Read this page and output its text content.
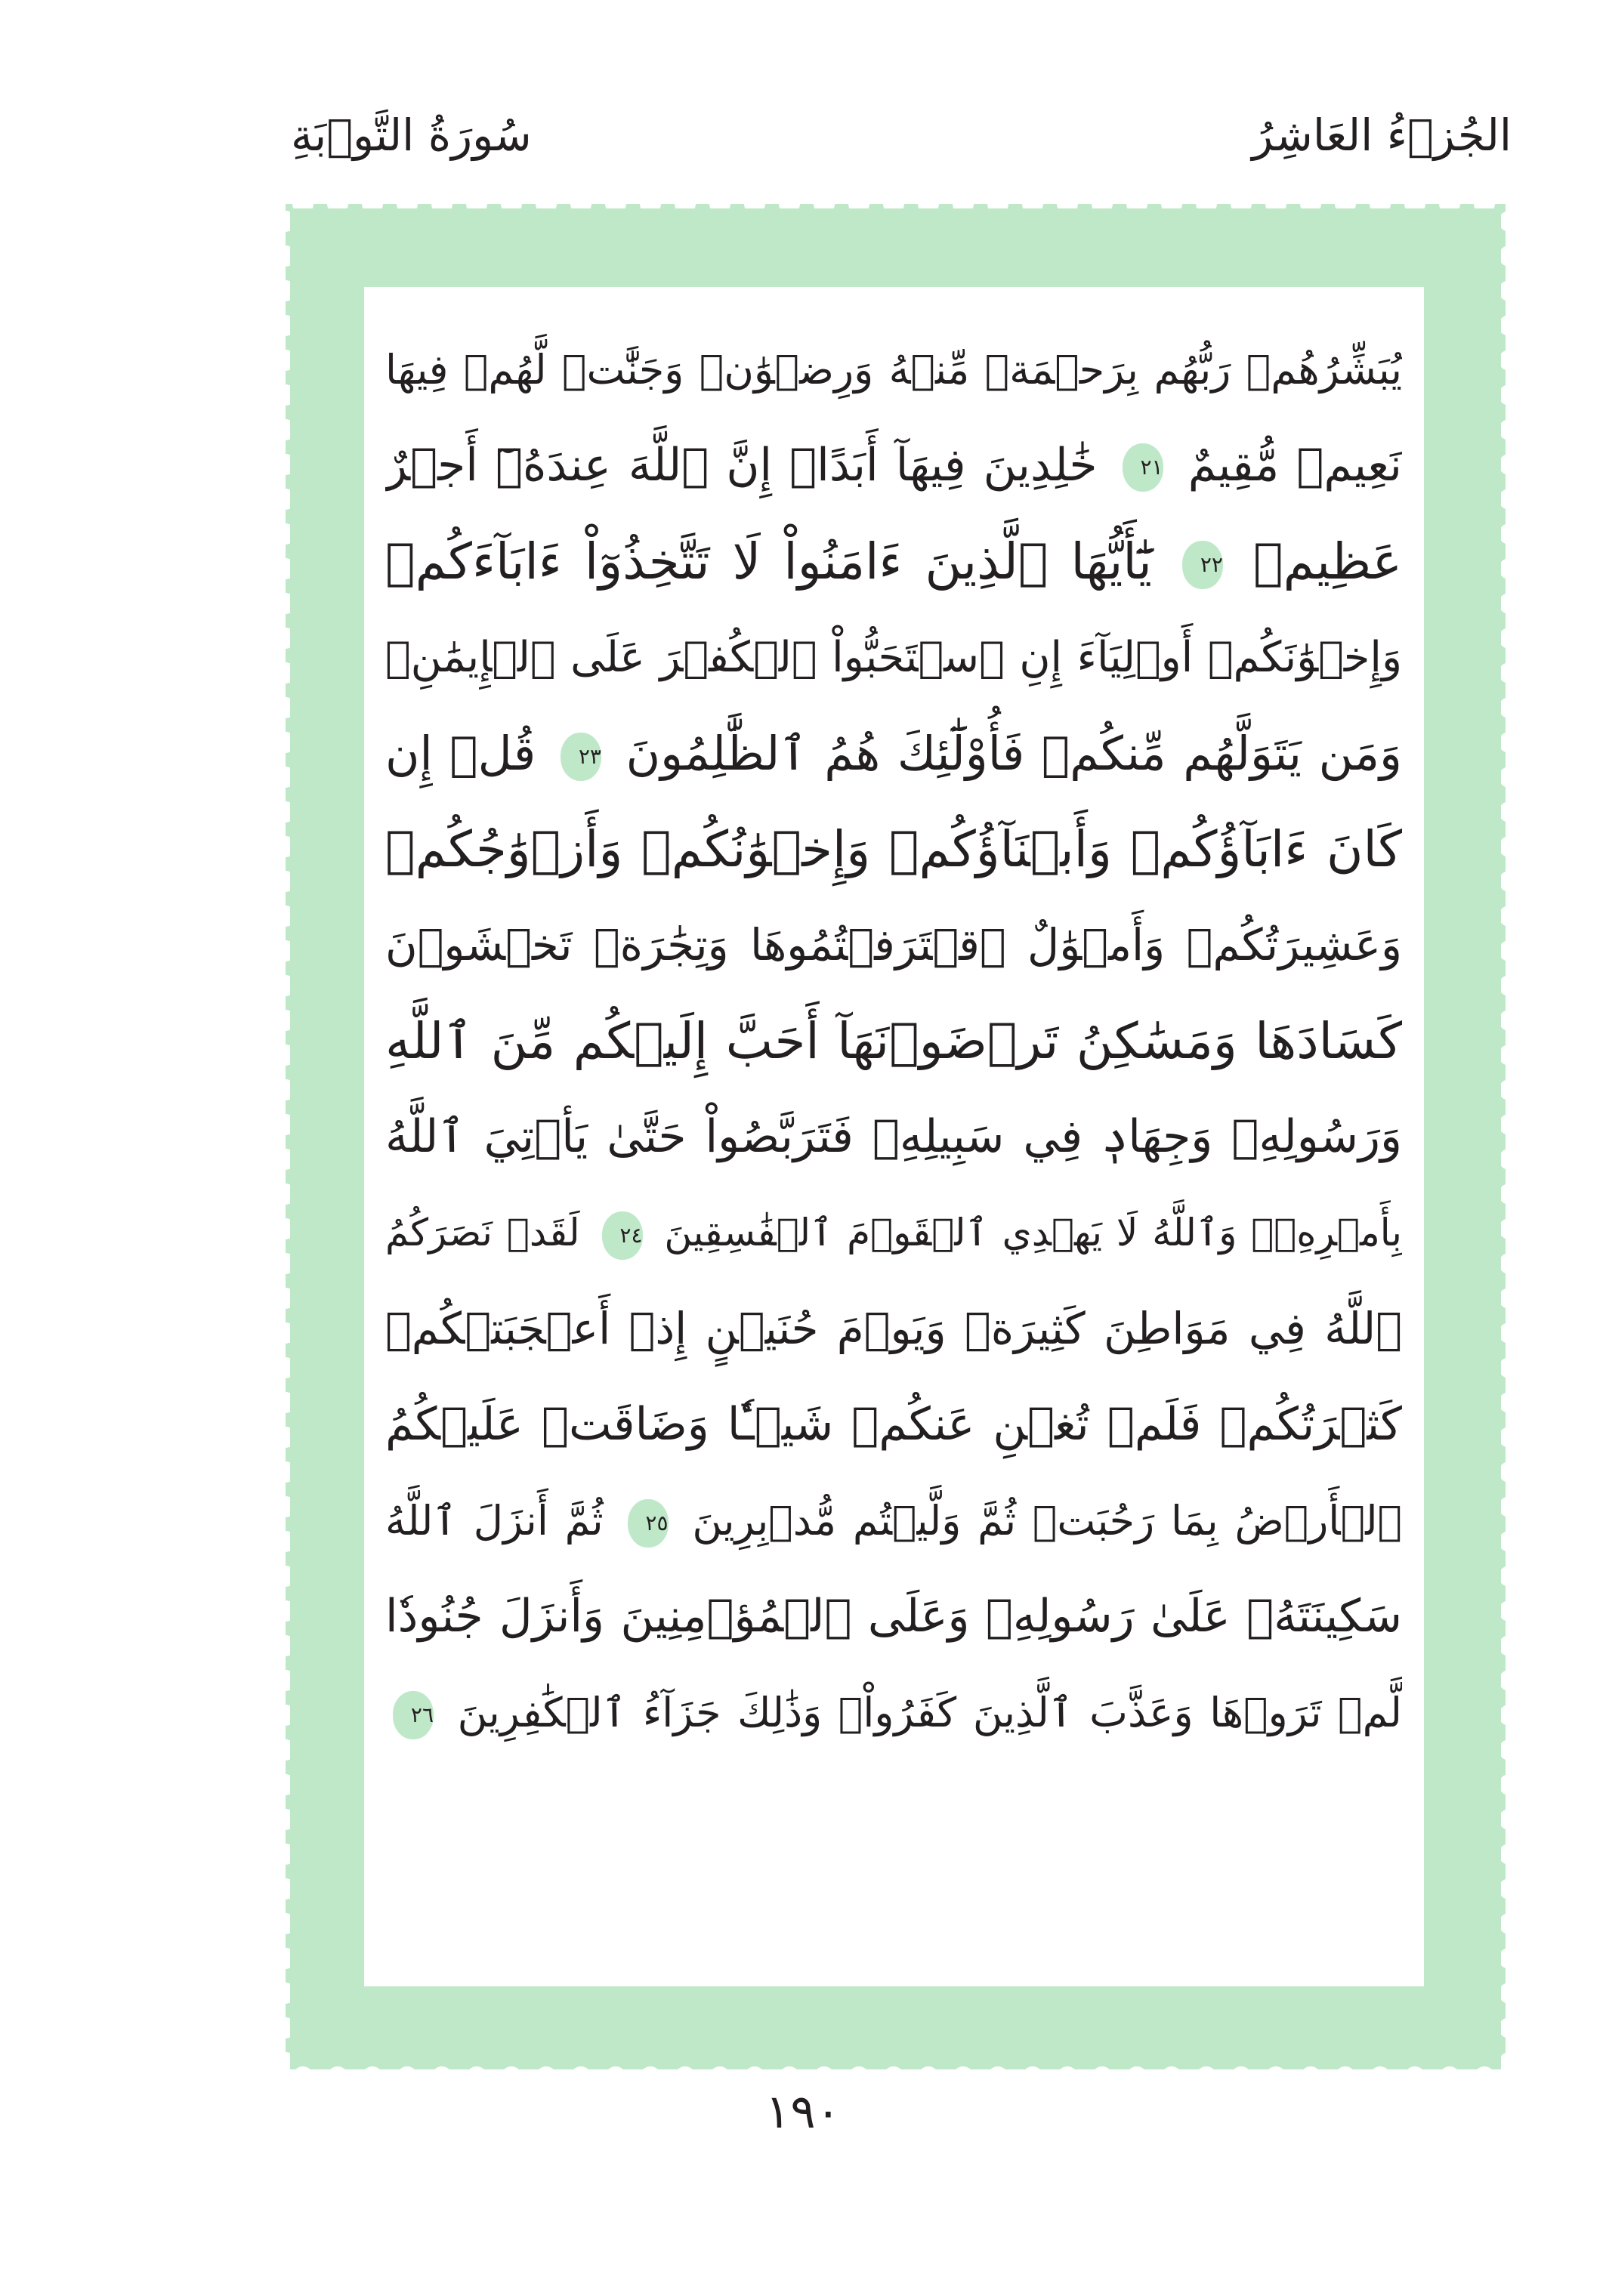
سُورَةُ التَّوۡبَةِ	الجُزۡءُ العَاشِرُ
يُبَشِّرُهُمۡ رَبُّهُم بِرَحۡمَةٖ مِّنۡهُ وَرِضۡوَٰنٖ وَجَنَّٰتٖ لَّهُمۡ فِيهَا
نَعِيمٞ مُّقِيمٌ ٢١ خَٰلِدِينَ فِيهَآ أَبَدًاۚ إِنَّ ٱللَّهَ عِندَهُۥٓ أَجۡرٌ
عَظِيمٞ ٢٢ يَٰٓأَيُّهَا ٱلَّذِينَ ءَامَنُواْ لَا تَتَّخِذُوٓاْ ءَابَآءَكُمۡ
وَإِخۡوَٰنَكُمۡ أَوۡلِيَآءَ إِنِ ٱسۡتَحَبُّواْ ٱلۡكُفۡرَ عَلَى ٱلۡإِيمَٰنِۚ
وَمَن يَتَوَلَّهُم مِّنكُمۡ فَأُوْلَٰٓئِكَ هُمُ ٱلظَّٰلِمُونَ ٢٣ قُلۡ إِن
كَانَ ءَابَآؤُكُمۡ وَأَبۡنَآؤُكُمۡ وَإِخۡوَٰنُكُمۡ وَأَزۡوَٰجُكُمۡ
وَعَشِيرَتُكُمۡ وَأَمۡوَٰلٌ ٱقۡتَرَفۡتُمُوهَا وَتِجَٰرَةٞ تَخۡشَوۡنَ
كَسَادَهَا وَمَسَٰكِنُ تَرۡضَوۡنَهَآ أَحَبَّ إِلَيۡكُم مِّنَ ٱللَّهِ
وَرَسُولِهِۦ وَجِهَادٖ فِي سَبِيلِهِۦ فَتَرَبَّصُواْ حَتَّىٰ يَأۡتِيَ ٱللَّهُ
بِأَمۡرِهِۦۗ وَٱللَّهُ لَا يَهۡدِي ٱلۡقَوۡمَ ٱلۡفَٰسِقِينَ ٢٤ لَقَدۡ نَصَرَكُمُ
ٱللَّهُ فِي مَوَاطِنَ كَثِيرَةٖ وَيَوۡمَ حُنَيۡنٍ إِذۡ أَعۡجَبَتۡكُمۡ
كَثۡرَتُكُمۡ فَلَمۡ تُغۡنِ عَنكُمۡ شَيۡـٔٗا وَضَاقَتۡ عَلَيۡكُمُ
ٱلۡأَرۡضُ بِمَا رَحُبَتۡ ثُمَّ وَلَّيۡتُم مُّدۡبِرِينَ ٢٥ ثُمَّ أَنزَلَ ٱللَّهُ
سَكِينَتَهُۥ عَلَىٰ رَسُولِهِۦ وَعَلَى ٱلۡمُؤۡمِنِينَ وَأَنزَلَ جُنُودٗا
لَّمۡ تَرَوۡهَا وَعَذَّبَ ٱلَّذِينَ كَفَرُواْۚ وَذَٰلِكَ جَزَآءُ ٱلۡكَٰفِرِينَ ٢٦
١٩٠
